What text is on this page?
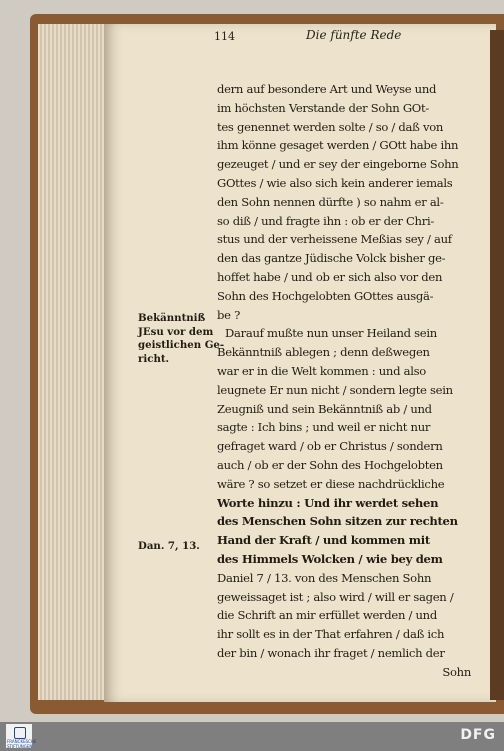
114	Die fünfte Rede
dern auf besondere Art und Weyse und
im höchsten Verstande der Sohn GOt-
tes genennet werden solte / so / daß von
ihm könne gesaget werden / GOtt habe ihn
gezeuget / und er sey der eingeborne Sohn
GOttes / wie also sich kein anderer iemals
den Sohn nennen dürfte ) so nahm er al-
so diß / und fragte ihn : ob er der Chri-
stus und der verheissene Meßias sey / auf
den das gantze Jüdische Volck bisher ge-
hoffet habe / und ob er sich also vor den
Sohn des Hochgelobten GOttes ausgä-
be ?
Darauf mußte nun unser Heiland sein
Bekänntniß ablegen ; denn deßwegen
war er in die Welt kommen : und also
leugnete Er nun nicht / sondern legte sein
Zeugniß und sein Bekänntniß ab / und
sagte : Ich bins ; und weil er nicht nur
gefraget ward / ob er Christus / sondern
auch / ob er der Sohn des Hochgelobten
wäre ? so setzet er diese nachdrückliche
Worte hinzu : Und ihr werdet sehen
des Menschen Sohn sitzen zur rechten
Hand der Kraft / und kommen mit
des Himmels Wolcken / wie bey dem
Daniel 7 / 13. von des Menschen Sohn
geweissaget ist ; also wird / will er sagen /
die Schrift an mir erfüllet werden / und
ihr sollt es in der That erfahren / daß ich
der bin / wonach ihr fraget / nemlich der
Sohn
Bekänntniß
JEsu vor dem
geistlichen Ge-
richt.
Dan. 7, 13.
FRANCKESCHE STIFTUNGEN
DFG
